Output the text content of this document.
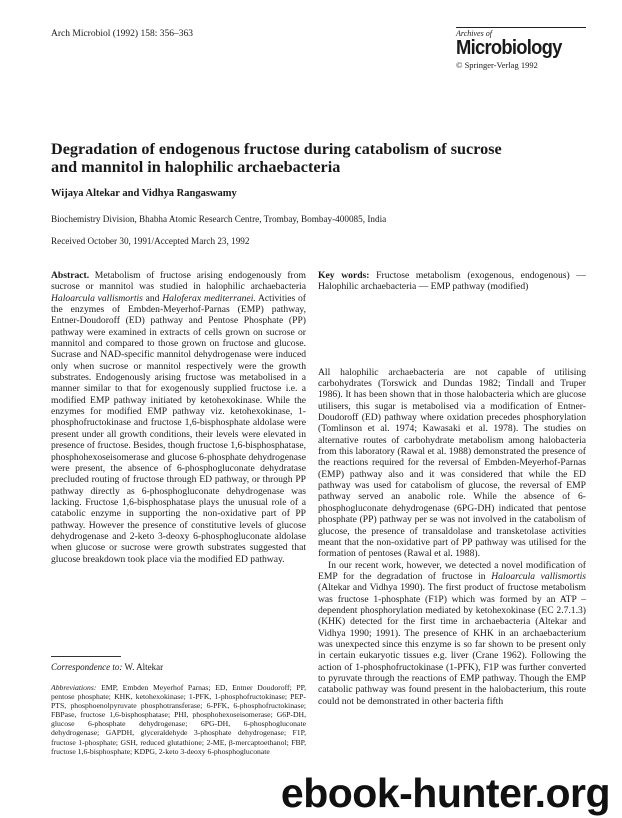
Arch Microbiol (1992) 158: 356–363	Archives of
Microbiology
© Springer-Verlag 1992
Degradation of endogenous fructose during catabolism of sucrose
and mannitol in halophilic archaebacteria
Wijaya Altekar and Vidhya Rangaswamy
Biochemistry Division, Bhabha Atomic Research Centre, Trombay, Bombay-400085, India
Received October 30, 1991/Accepted March 23, 1992

Abstract. Metabolism of fructose arising endogenously from sucrose or mannitol was studied in halophilic archaebacteria Haloarcula vallismortis and Haloferax mediterranei. Activities of the enzymes of Embden-Meyerhof-Parnas (EMP) pathway, Entner-Doudoroff (ED) pathway and Pentose Phosphate (PP) pathway were examined in extracts of cells grown on sucrose or mannitol and compared to those grown on fructose and glucose. Sucrase and NAD-specific mannitol dehydrogenase were induced only when sucrose or mannitol respectively were the growth substrates. Endogenously arising fructose was metabolised in a manner similar to that for exogenously supplied fructose i.e. a modified EMP pathway initiated by ketohexokinase. While the enzymes for modified EMP pathway viz. ketohexokinase, 1-phosphofructokinase and fructose 1,6-bisphosphate aldolase were present under all growth conditions, their levels were elevated in presence of fructose. Besides, though fructose 1,6-bisphosphatase, phosphohexoseisomerase and glucose 6-phosphate dehydrogenase were present, the absence of 6-phosphogluconate dehydratase precluded routing of fructose through ED pathway, or through PP pathway directly as 6-phosphogluconate dehydrogenase was lacking. Fructose 1,6-bisphosphatase plays the unusual role of a catabolic enzyme in supporting the non-oxidative part of PP pathway. However the presence of constitutive levels of glucose dehydrogenase and 2-keto 3-deoxy 6-phosphogluconate aldolase when glucose or sucrose were growth substrates suggested that glucose breakdown took place via the modified ED pathway.

Key words: Fructose metabolism (exogenous, endogenous) — Halophilic archaebacteria — EMP pathway (modified)

All halophilic archaebacteria are not capable of utilising carbohydrates (Torswick and Dundas 1982; Tindall and Truper 1986). It has been shown that in those halobacteria which are glucose utilisers, this sugar is metabolised via a modification of Entner-Doudoroff (ED) pathway where oxidation precedes phosphorylation (Tomlinson et al. 1974; Kawasaki et al. 1978). The studies on alternative routes of carbohydrate metabolism among halobacteria from this laboratory (Rawal et al. 1988) demonstrated the presence of the reactions required for the reversal of Embden-Meyerhof-Parnas (EMP) pathway also and it was considered that while the ED pathway was used for catabolism of glucose, the reversal of EMP pathway served an anabolic role. While the absence of 6-phosphogluconate dehydrogenase (6PG-DH) indicated that pentose phosphate (PP) pathway per se was not involved in the catabolism of glucose, the presence of transaldolase and transketolase activities meant that the non-oxidative part of PP pathway was utilised for the formation of pentoses (Rawal et al. 1988).

In our recent work, however, we detected a novel modification of EMP for the degradation of fructose in Haloarcula vallismortis (Altekar and Vidhya 1990). The first product of fructose metabolism was fructose 1-phosphate (F1P) which was formed by an ATP – dependent phosphorylation mediated by ketohexokinase (EC 2.7.1.3) (KHK) detected for the first time in archaebacteria (Altekar and Vidhya 1990; 1991). The presence of KHK in an archaebacterium was unexpected since this enzyme is so far shown to be present only in certain eukaryotic tissues e.g. liver (Crane 1962). Following the action of 1-phosphofructokinase (1-PFK), F1P was further converted to pyruvate through the reactions of EMP pathway. Though the EMP catabolic pathway was found present in the halobacterium, this route could not be demonstrated in other bacteria fifth

Correspondence to: W. Altekar
Abbreviations: EMP, Embden Meyerhof Parnas; ED, Entner Doudoroff; PP, pentose phosphate; KHK, ketohexokinase; 1-PFK, 1-phosphofructokinase; PEP-PTS, phosphoenolpyruvate phosphotransferase; 6-PFK, 6-phosphofructokinase; FBPase, fructose 1,6-bisphosphatase; PHI, phosphohexoseisomerase; G6P-DH, glucose 6-phosphate dehydrogenase; 6PG-DH, 6-phosphogluconate dehydrogenase; GAPDH, glyceraldehyde 3-phosphate dehydrogenase; F1P, fructose 1-phosphate; GSH, reduced glutathione; 2-ME, β-mercaptoethanol; FBP, fructose 1,6-bisphosphate; KDPG, 2-keto 3-deoxy 6-phosphogluconate
ebook-hunter.org
